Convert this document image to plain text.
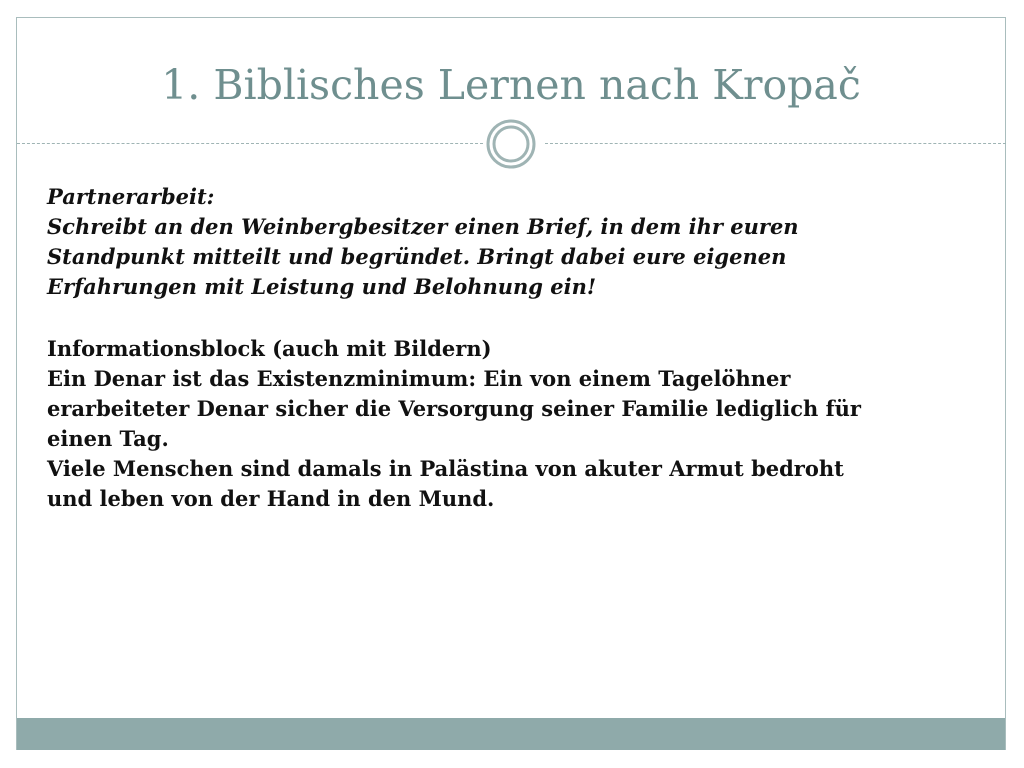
1. Biblisches Lernen nach Kropač
Partnerarbeit:
Schreibt an den Weinbergbesitzer einen Brief, in dem ihr euren
Standpunkt mitteilt und begründet. Bringt dabei eure eigenen
Erfahrungen mit Leistung und Belohnung ein!
Informationsblock (auch mit Bildern)
Ein Denar ist das Existenzminimum: Ein von einem Tagelöhner
erarbeiteter Denar sicher die Versorgung seiner Familie lediglich für
einen Tag.
Viele Menschen sind damals in Palästina von akuter Armut bedroht
und leben von der Hand in den Mund.
